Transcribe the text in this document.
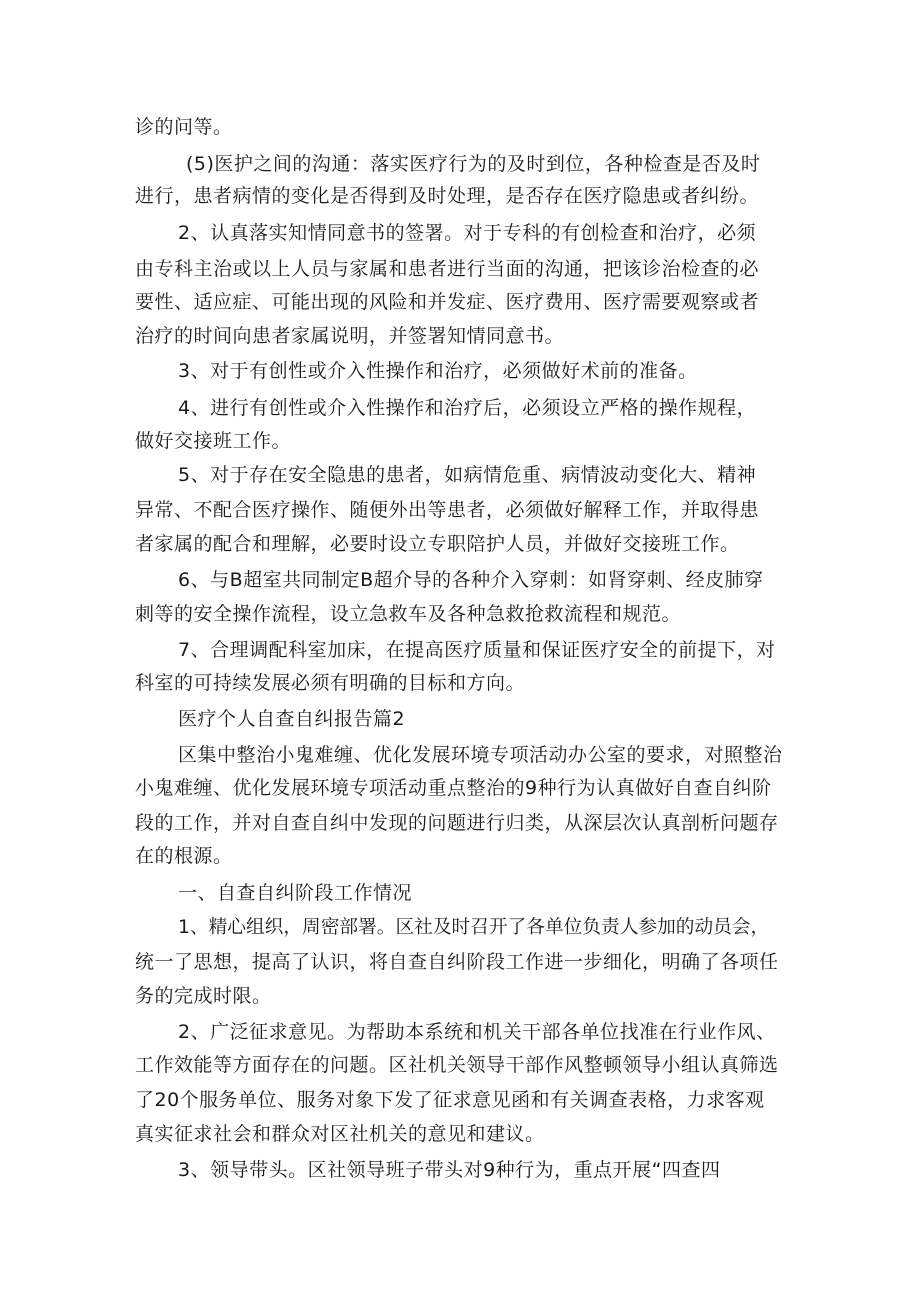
诊的问等。
(5)医护之间的沟通：落实医疗行为的及时到位，各种检查是否及时
进行，患者病情的变化是否得到及时处理，是否存在医疗隐患或者纠纷。
2、认真落实知情同意书的签署。对于专科的有创检查和治疗，必须
由专科主治或以上人员与家属和患者进行当面的沟通，把该诊治检查的必
要性、适应症、可能出现的风险和并发症、医疗费用、医疗需要观察或者
治疗的时间向患者家属说明，并签署知情同意书。
3、对于有创性或介入性操作和治疗，必须做好术前的准备。
4、进行有创性或介入性操作和治疗后，必须设立严格的操作规程，
做好交接班工作。
5、对于存在安全隐患的患者，如病情危重、病情波动变化大、精神
异常、不配合医疗操作、随便外出等患者，必须做好解释工作，并取得患
者家属的配合和理解，必要时设立专职陪护人员，并做好交接班工作。
6、与B超室共同制定B超介导的各种介入穿刺：如肾穿刺、经皮肺穿
刺等的安全操作流程，设立急救车及各种急救抢救流程和规范。
7、合理调配科室加床，在提高医疗质量和保证医疗安全的前提下，对
科室的可持续发展必须有明确的目标和方向。
医疗个人自查自纠报告篇2
区集中整治小鬼难缠、优化发展环境专项活动办公室的要求，对照整治
小鬼难缠、优化发展环境专项活动重点整治的9种行为认真做好自查自纠阶
段的工作，并对自查自纠中发现的问题进行归类，从深层次认真剖析问题存
在的根源。
一、自查自纠阶段工作情况
1、精心组织，周密部署。区社及时召开了各单位负责人参加的动员会，
统一了思想，提高了认识，将自查自纠阶段工作进一步细化，明确了各项任
务的完成时限。
2、广泛征求意见。为帮助本系统和机关干部各单位找准在行业作风、
工作效能等方面存在的问题。区社机关领导干部作风整顿领导小组认真筛选
了20个服务单位、服务对象下发了征求意见函和有关调查表格，力求客观
真实征求社会和群众对区社机关的意见和建议。
3、领导带头。区社领导班子带头对9种行为，重点开展“四查四
